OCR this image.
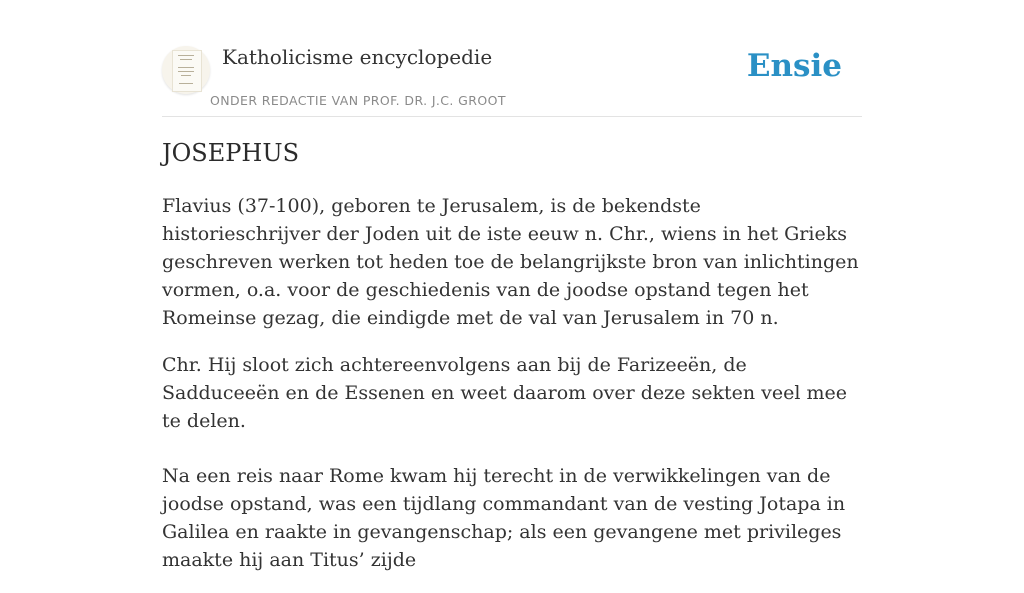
Katholicisme encyclopedie
ONDER REDACTIE VAN PROF. DR. J.C. GROOT
Ensie
JOSEPHUS

Flavius (37-100), geboren te Jerusalem, is de bekendste historieschrijver der Joden uit de iste eeuw n. Chr., wiens in het Grieks geschreven werken tot heden toe de belangrijkste bron van inlichtingen vormen, o.a. voor de geschiedenis van de joodse opstand tegen het Romeinse gezag, die eindigde met de val van Jerusalem in 70 n.

Chr. Hij sloot zich achtereenvolgens aan bij de Farizeeën, de Sadduceeën en de Essenen en weet daarom over deze sekten veel mee te delen.

Na een reis naar Rome kwam hij terecht in de verwikkelingen van de joodse opstand, was een tijdlang commandant van de vesting Jotapa in Galilea en raakte in gevangenschap; als een gevangene met privileges maakte hij aan Titus’ zijde
